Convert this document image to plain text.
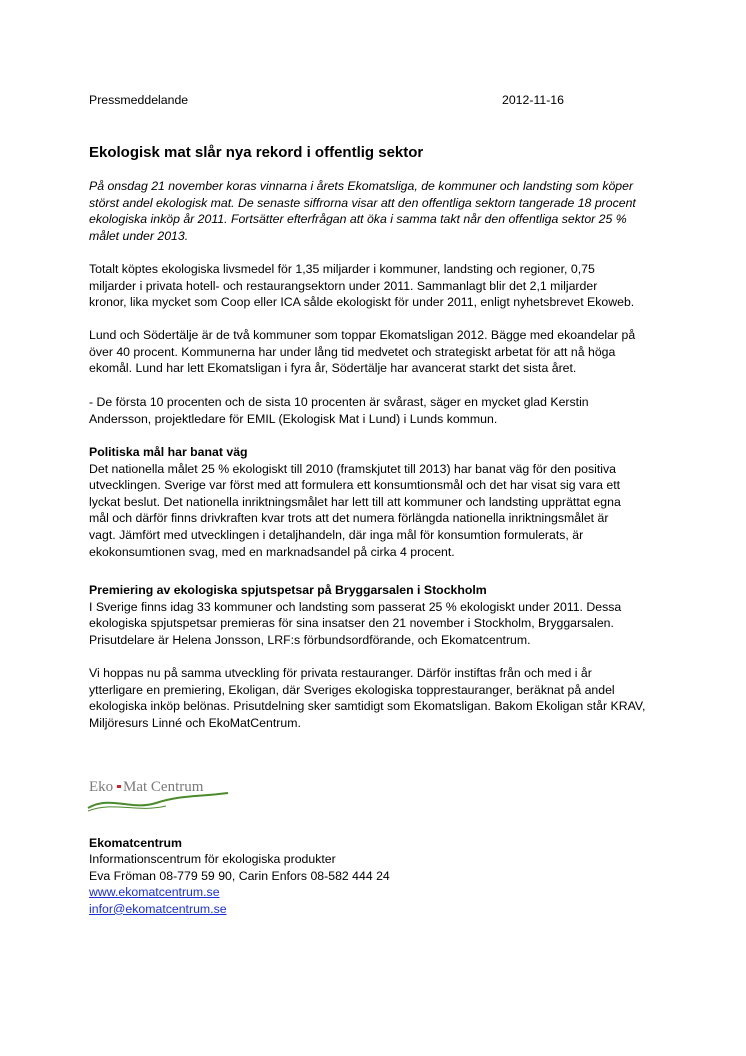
Pressmeddelande	2012-11-16
Ekologisk mat slår nya rekord i offentlig sektor

På onsdag 21 november koras vinnarna i årets Ekomatsliga, de kommuner och landsting som köper
störst andel ekologisk mat. De senaste siffrorna visar att den offentliga sektorn tangerade 18 procent
ekologiska inköp år 2011. Fortsätter efterfrågan att öka i samma takt når den offentliga sektor 25 %
målet under 2013.

Totalt köptes ekologiska livsmedel för 1,35 miljarder i kommuner, landsting och regioner, 0,75
miljarder i privata hotell- och restaurangsektorn under 2011. Sammanlagt blir det 2,1 miljarder
kronor, lika mycket som Coop eller ICA sålde ekologiskt för under 2011, enligt nyhetsbrevet Ekoweb.

Lund och Södertälje är de två kommuner som toppar Ekomatsligan 2012. Bägge med ekoandelar på
över 40 procent. Kommunerna har under lång tid medvetet och strategiskt arbetat för att nå höga
ekomål. Lund har lett Ekomatsligan i fyra år, Södertälje har avancerat starkt det sista året.

- De första 10 procenten och de sista 10 procenten är svårast, säger en mycket glad Kerstin
Andersson, projektledare för EMIL (Ekologisk Mat i Lund) i Lunds kommun.

Politiska mål har banat väg
Det nationella målet 25 % ekologiskt till 2010 (framskjutet till 2013) har banat väg för den positiva
utvecklingen. Sverige var först med att formulera ett konsumtionsmål och det har visat sig vara ett
lyckat beslut. Det nationella inriktningsmålet har lett till att kommuner och landsting upprättat egna
mål och därför finns drivkraften kvar trots att det numera förlängda nationella inriktningsmålet är
vagt. Jämfört med utvecklingen i detaljhandeln, där inga mål för konsumtion formulerats, är
ekokonsumtionen svag, med en marknadsandel på cirka 4 procent.

Premiering av ekologiska spjutspetsar på Bryggarsalen i Stockholm
I Sverige finns idag 33 kommuner och landsting som passerat 25 % ekologiskt under 2011. Dessa
ekologiska spjutspetsar premieras för sina insatser den 21 november i Stockholm, Bryggarsalen.
Prisutdelare är Helena Jonsson, LRF:s förbundsordförande, och Ekomatcentrum.

Vi hoppas nu på samma utveckling för privata restauranger. Därför instiftas från och med i år
ytterligare en premiering, Ekoligan, där Sveriges ekologiska topprestauranger, beräknat på andel
ekologiska inköp belönas. Prisutdelning sker samtidigt som Ekomatsligan. Bakom Ekoligan står KRAV,
Miljöresurs Linné och EkoMatCentrum.

Eko Mat Centrum
Ekomatcentrum
Informationscentrum för ekologiska produkter
Eva Fröman 08-779 59 90, Carin Enfors 08-582 444 24
www.ekomatcentrum.se
infor@ekomatcentrum.se
